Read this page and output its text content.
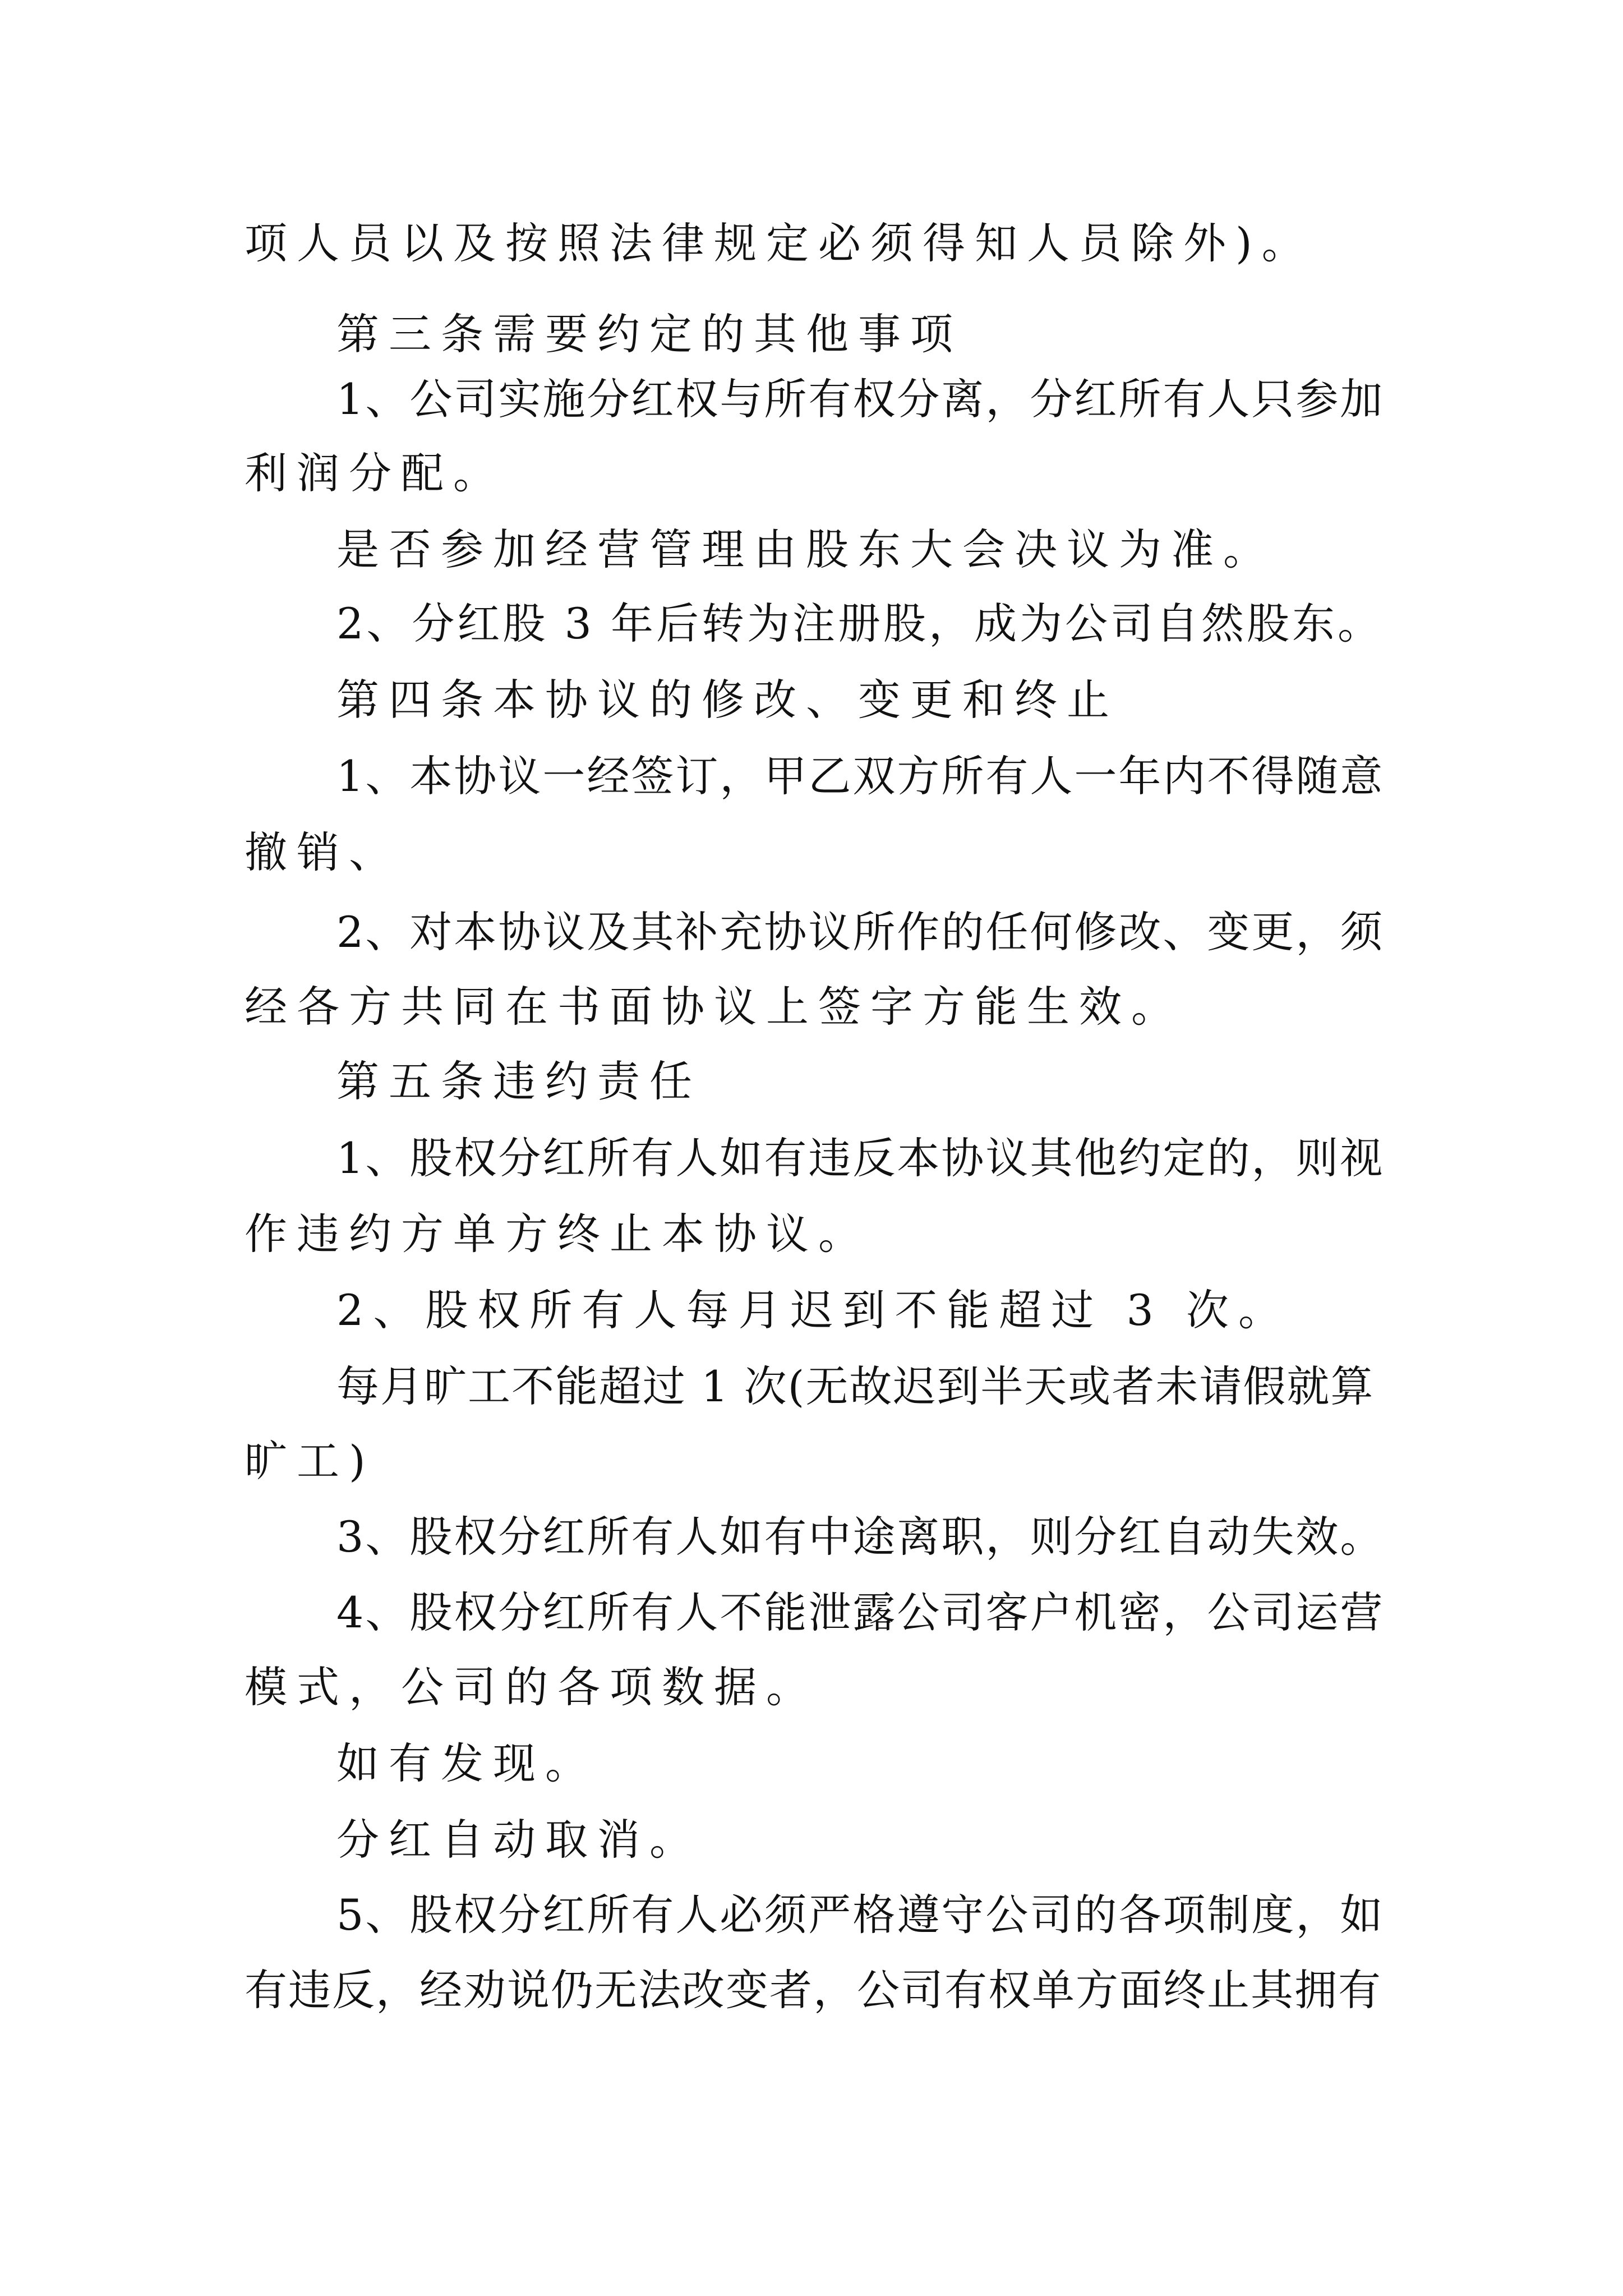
项人员以及按照法律规定必须得知人员除外)。

第三条需要约定的其他事项

1、公司实施分红权与所有权分离，分红所有人只参加

利润分配。

是否参加经营管理由股东大会决议为准。

2、分红股 3 年后转为注册股，成为公司自然股东。

第四条本协议的修改、变更和终止

1、本协议一经签订，甲乙双方所有人一年内不得随意

撤销、

2、对本协议及其补充协议所作的任何修改、变更，须

经各方共同在书面协议上签字方能生效。

第五条违约责任

1、股权分红所有人如有违反本协议其他约定的，则视

作违约方单方终止本协议。

2、股权所有人每月迟到不能超过 3 次。

每月旷工不能超过 1 次(无故迟到半天或者未请假就算

旷工)

3、股权分红所有人如有中途离职，则分红自动失效。

4、股权分红所有人不能泄露公司客户机密，公司运营

模式，公司的各项数据。

如有发现。

分红自动取消。

5、股权分红所有人必须严格遵守公司的各项制度，如

有违反，经劝说仍无法改变者，公司有权单方面终止其拥有
